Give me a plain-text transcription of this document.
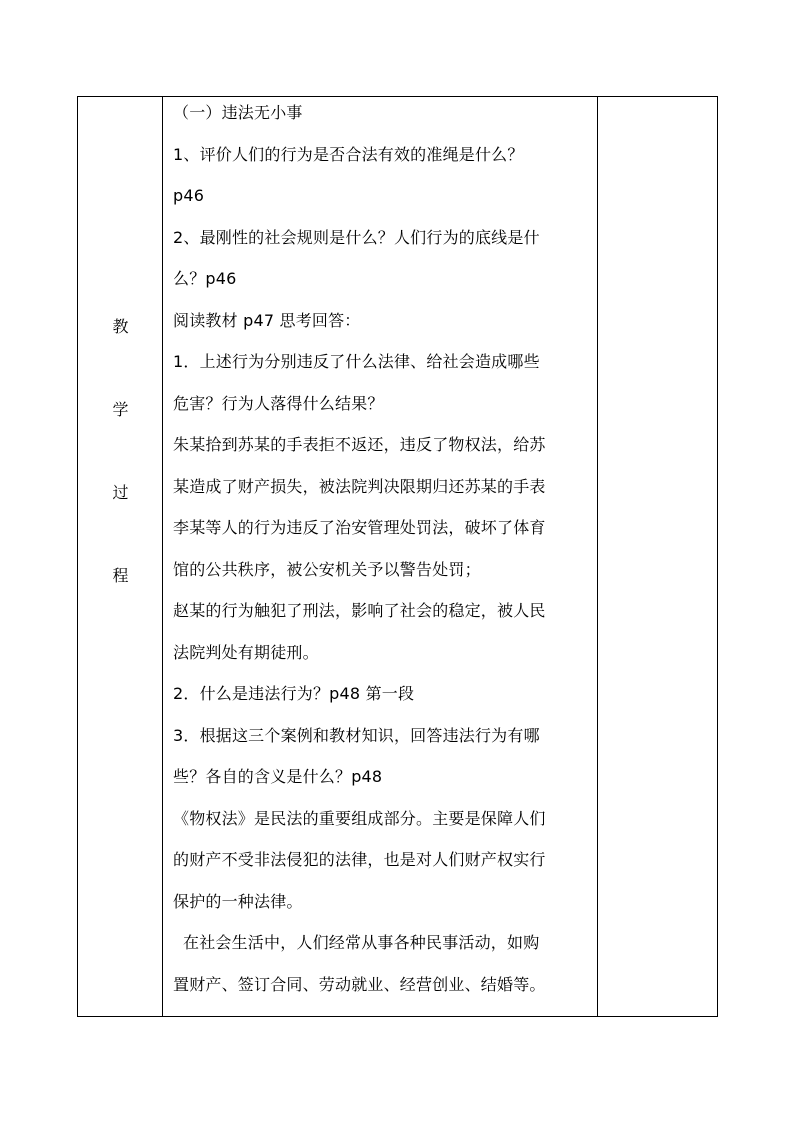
教
学
过
程

（一）违法无小事
1、评价人们的行为是否合法有效的准绳是什么？
p46
2、最刚性的社会规则是什么？人们行为的底线是什
么？p46
阅读教材 p47 思考回答：
1．上述行为分别违反了什么法律、给社会造成哪些
危害？行为人落得什么结果？
朱某拾到苏某的手表拒不返还，违反了物权法，给苏
某造成了财产损失，被法院判决限期归还苏某的手表
李某等人的行为违反了治安管理处罚法，破坏了体育
馆的公共秩序，被公安机关予以警告处罚；
赵某的行为触犯了刑法，影响了社会的稳定，被人民
法院判处有期徒刑。
2．什么是违法行为？p48 第一段
3．根据这三个案例和教材知识，回答违法行为有哪
些？各自的含义是什么？p48
《物权法》是民法的重要组成部分。主要是保障人们
的财产不受非法侵犯的法律，也是对人们财产权实行
保护的一种法律。
在社会生活中，人们经常从事各种民事活动，如购
置财产、签订合同、劳动就业、经营创业、结婚等。
